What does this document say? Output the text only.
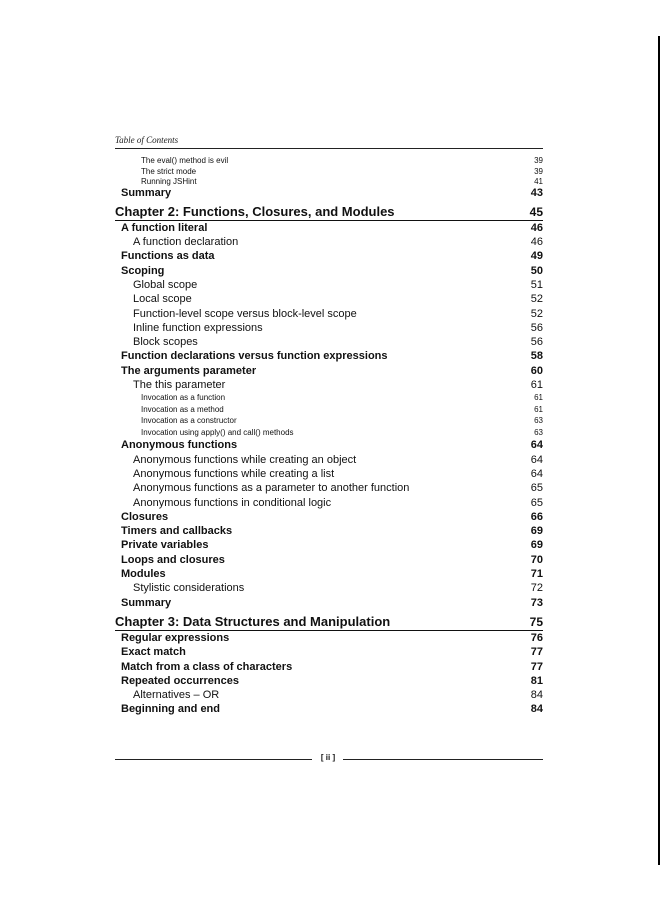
Table of Contents
The eval() method is evil	39
The strict mode	39
Running JSHint	41
Summary	43
Chapter 2: Functions, Closures, and Modules	45
A function literal	46
A function declaration	46
Functions as data	49
Scoping	50
Global scope	51
Local scope	52
Function-level scope versus block-level scope	52
Inline function expressions	56
Block scopes	56
Function declarations versus function expressions	58
The arguments parameter	60
The this parameter	61
Invocation as a function	61
Invocation as a method	61
Invocation as a constructor	63
Invocation using apply() and call() methods	63
Anonymous functions	64
Anonymous functions while creating an object	64
Anonymous functions while creating a list	64
Anonymous functions as a parameter to another function	65
Anonymous functions in conditional logic	65
Closures	66
Timers and callbacks	69
Private variables	69
Loops and closures	70
Modules	71
Stylistic considerations	72
Summary	73
Chapter 3: Data Structures and Manipulation	75
Regular expressions	76
Exact match	77
Match from a class of characters	77
Repeated occurrences	81
Alternatives – OR	84
Beginning and end	84
[ ii ]
